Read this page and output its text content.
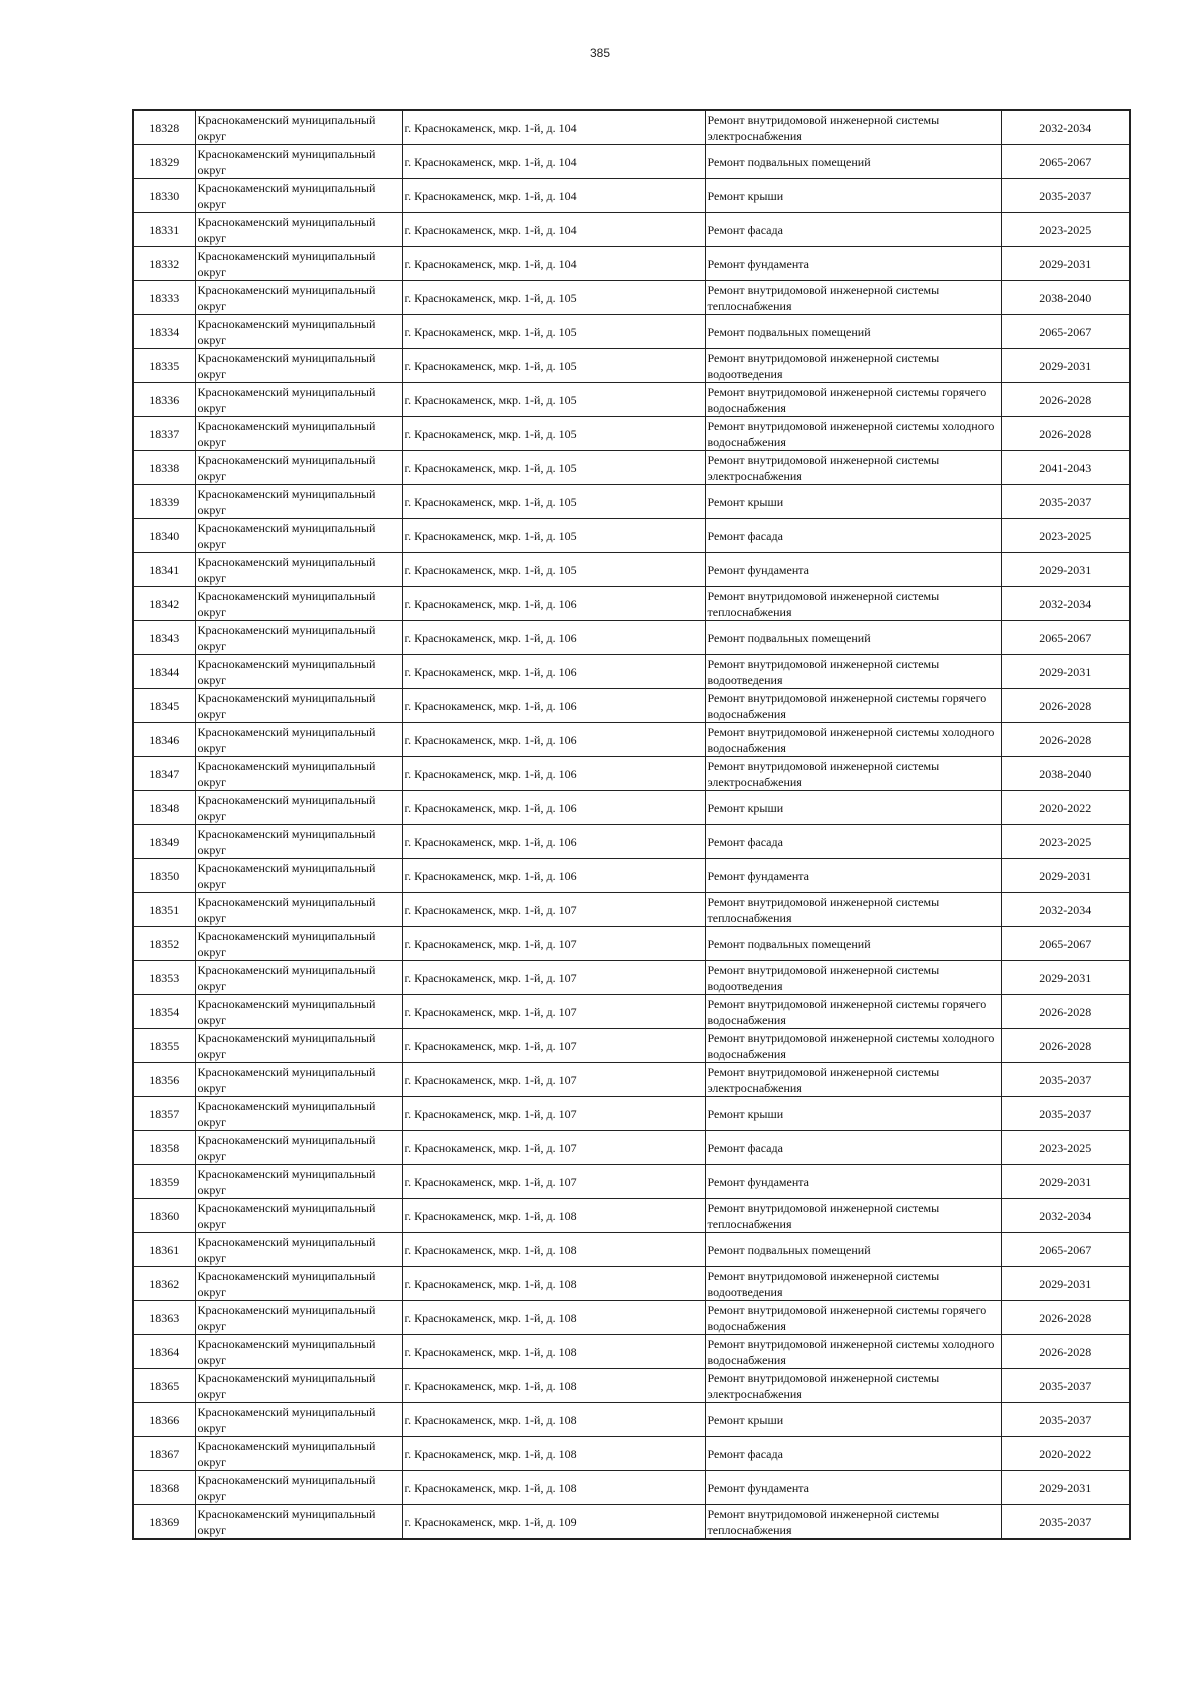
385
18328	Краснокаменский муниципальный округ	г. Краснокаменск, мкр. 1-й, д. 104	Ремонт внутридомовой инженерной системы электроснабжения	2032-2034
18329	Краснокаменский муниципальный округ	г. Краснокаменск, мкр. 1-й, д. 104	Ремонт подвальных помещений	2065-2067
18330	Краснокаменский муниципальный округ	г. Краснокаменск, мкр. 1-й, д. 104	Ремонт крыши	2035-2037
18331	Краснокаменский муниципальный округ	г. Краснокаменск, мкр. 1-й, д. 104	Ремонт фасада	2023-2025
18332	Краснокаменский муниципальный округ	г. Краснокаменск, мкр. 1-й, д. 104	Ремонт фундамента	2029-2031
18333	Краснокаменский муниципальный округ	г. Краснокаменск, мкр. 1-й, д. 105	Ремонт внутридомовой инженерной системы теплоснабжения	2038-2040
18334	Краснокаменский муниципальный округ	г. Краснокаменск, мкр. 1-й, д. 105	Ремонт подвальных помещений	2065-2067
18335	Краснокаменский муниципальный округ	г. Краснокаменск, мкр. 1-й, д. 105	Ремонт внутридомовой инженерной системы водоотведения	2029-2031
18336	Краснокаменский муниципальный округ	г. Краснокаменск, мкр. 1-й, д. 105	Ремонт внутридомовой инженерной системы горячего водоснабжения	2026-2028
18337	Краснокаменский муниципальный округ	г. Краснокаменск, мкр. 1-й, д. 105	Ремонт внутридомовой инженерной системы холодного водоснабжения	2026-2028
18338	Краснокаменский муниципальный округ	г. Краснокаменск, мкр. 1-й, д. 105	Ремонт внутридомовой инженерной системы электроснабжения	2041-2043
18339	Краснокаменский муниципальный округ	г. Краснокаменск, мкр. 1-й, д. 105	Ремонт крыши	2035-2037
18340	Краснокаменский муниципальный округ	г. Краснокаменск, мкр. 1-й, д. 105	Ремонт фасада	2023-2025
18341	Краснокаменский муниципальный округ	г. Краснокаменск, мкр. 1-й, д. 105	Ремонт фундамента	2029-2031
18342	Краснокаменский муниципальный округ	г. Краснокаменск, мкр. 1-й, д. 106	Ремонт внутридомовой инженерной системы теплоснабжения	2032-2034
18343	Краснокаменский муниципальный округ	г. Краснокаменск, мкр. 1-й, д. 106	Ремонт подвальных помещений	2065-2067
18344	Краснокаменский муниципальный округ	г. Краснокаменск, мкр. 1-й, д. 106	Ремонт внутридомовой инженерной системы водоотведения	2029-2031
18345	Краснокаменский муниципальный округ	г. Краснокаменск, мкр. 1-й, д. 106	Ремонт внутридомовой инженерной системы горячего водоснабжения	2026-2028
18346	Краснокаменский муниципальный округ	г. Краснокаменск, мкр. 1-й, д. 106	Ремонт внутридомовой инженерной системы холодного водоснабжения	2026-2028
18347	Краснокаменский муниципальный округ	г. Краснокаменск, мкр. 1-й, д. 106	Ремонт внутридомовой инженерной системы электроснабжения	2038-2040
18348	Краснокаменский муниципальный округ	г. Краснокаменск, мкр. 1-й, д. 106	Ремонт крыши	2020-2022
18349	Краснокаменский муниципальный округ	г. Краснокаменск, мкр. 1-й, д. 106	Ремонт фасада	2023-2025
18350	Краснокаменский муниципальный округ	г. Краснокаменск, мкр. 1-й, д. 106	Ремонт фундамента	2029-2031
18351	Краснокаменский муниципальный округ	г. Краснокаменск, мкр. 1-й, д. 107	Ремонт внутридомовой инженерной системы теплоснабжения	2032-2034
18352	Краснокаменский муниципальный округ	г. Краснокаменск, мкр. 1-й, д. 107	Ремонт подвальных помещений	2065-2067
18353	Краснокаменский муниципальный округ	г. Краснокаменск, мкр. 1-й, д. 107	Ремонт внутридомовой инженерной системы водоотведения	2029-2031
18354	Краснокаменский муниципальный округ	г. Краснокаменск, мкр. 1-й, д. 107	Ремонт внутридомовой инженерной системы горячего водоснабжения	2026-2028
18355	Краснокаменский муниципальный округ	г. Краснокаменск, мкр. 1-й, д. 107	Ремонт внутридомовой инженерной системы холодного водоснабжения	2026-2028
18356	Краснокаменский муниципальный округ	г. Краснокаменск, мкр. 1-й, д. 107	Ремонт внутридомовой инженерной системы электроснабжения	2035-2037
18357	Краснокаменский муниципальный округ	г. Краснокаменск, мкр. 1-й, д. 107	Ремонт крыши	2035-2037
18358	Краснокаменский муниципальный округ	г. Краснокаменск, мкр. 1-й, д. 107	Ремонт фасада	2023-2025
18359	Краснокаменский муниципальный округ	г. Краснокаменск, мкр. 1-й, д. 107	Ремонт фундамента	2029-2031
18360	Краснокаменский муниципальный округ	г. Краснокаменск, мкр. 1-й, д. 108	Ремонт внутридомовой инженерной системы теплоснабжения	2032-2034
18361	Краснокаменский муниципальный округ	г. Краснокаменск, мкр. 1-й, д. 108	Ремонт подвальных помещений	2065-2067
18362	Краснокаменский муниципальный округ	г. Краснокаменск, мкр. 1-й, д. 108	Ремонт внутридомовой инженерной системы водоотведения	2029-2031
18363	Краснокаменский муниципальный округ	г. Краснокаменск, мкр. 1-й, д. 108	Ремонт внутридомовой инженерной системы горячего водоснабжения	2026-2028
18364	Краснокаменский муниципальный округ	г. Краснокаменск, мкр. 1-й, д. 108	Ремонт внутридомовой инженерной системы холодного водоснабжения	2026-2028
18365	Краснокаменский муниципальный округ	г. Краснокаменск, мкр. 1-й, д. 108	Ремонт внутридомовой инженерной системы электроснабжения	2035-2037
18366	Краснокаменский муниципальный округ	г. Краснокаменск, мкр. 1-й, д. 108	Ремонт крыши	2035-2037
18367	Краснокаменский муниципальный округ	г. Краснокаменск, мкр. 1-й, д. 108	Ремонт фасада	2020-2022
18368	Краснокаменский муниципальный округ	г. Краснокаменск, мкр. 1-й, д. 108	Ремонт фундамента	2029-2031
18369	Краснокаменский муниципальный округ	г. Краснокаменск, мкр. 1-й, д. 109	Ремонт внутридомовой инженерной системы теплоснабжения	2035-2037
